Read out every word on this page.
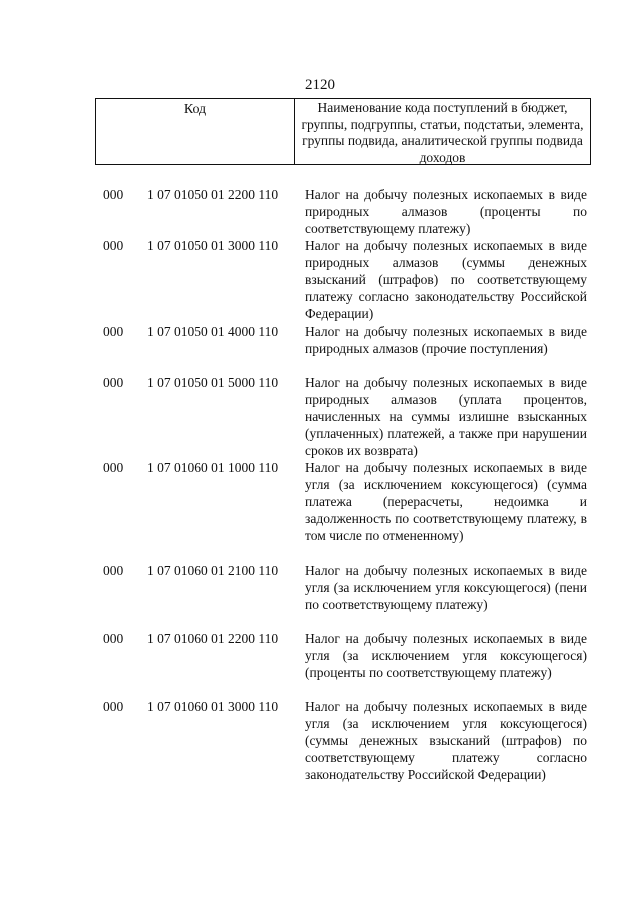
2120
Код	Наименование кода поступлений в бюджет, группы, подгруппы, статьи, подстатьи, элемента, группы подвида, аналитической группы подвида доходов
000 1 07 01050 01 2200 110 Налог на добычу полезных ископаемых в виде природных алмазов (проценты по соответствующему платежу)
000 1 07 01050 01 3000 110 Налог на добычу полезных ископаемых в виде природных алмазов (суммы денежных взысканий (штрафов) по соответствующему платежу согласно законодательству Российской Федерации)
000 1 07 01050 01 4000 110 Налог на добычу полезных ископаемых в виде природных алмазов (прочие поступления)
000 1 07 01050 01 5000 110 Налог на добычу полезных ископаемых в виде природных алмазов (уплата процентов, начисленных на суммы излишне взысканных (уплаченных) платежей, а также при нарушении сроков их возврата)
000 1 07 01060 01 1000 110 Налог на добычу полезных ископаемых в виде угля (за исключением коксующегося) (сумма платежа (перерасчеты, недоимка и задолженность по соответствующему платежу, в том числе по отмененному)
000 1 07 01060 01 2100 110 Налог на добычу полезных ископаемых в виде угля (за исключением угля коксующегося) (пени по соответствующему платежу)
000 1 07 01060 01 2200 110 Налог на добычу полезных ископаемых в виде угля (за исключением угля коксующегося) (проценты по соответствующему платежу)
000 1 07 01060 01 3000 110 Налог на добычу полезных ископаемых в виде угля (за исключением угля коксующегося) (суммы денежных взысканий (штрафов) по соответствующему платежу согласно законодательству Российской Федерации)
